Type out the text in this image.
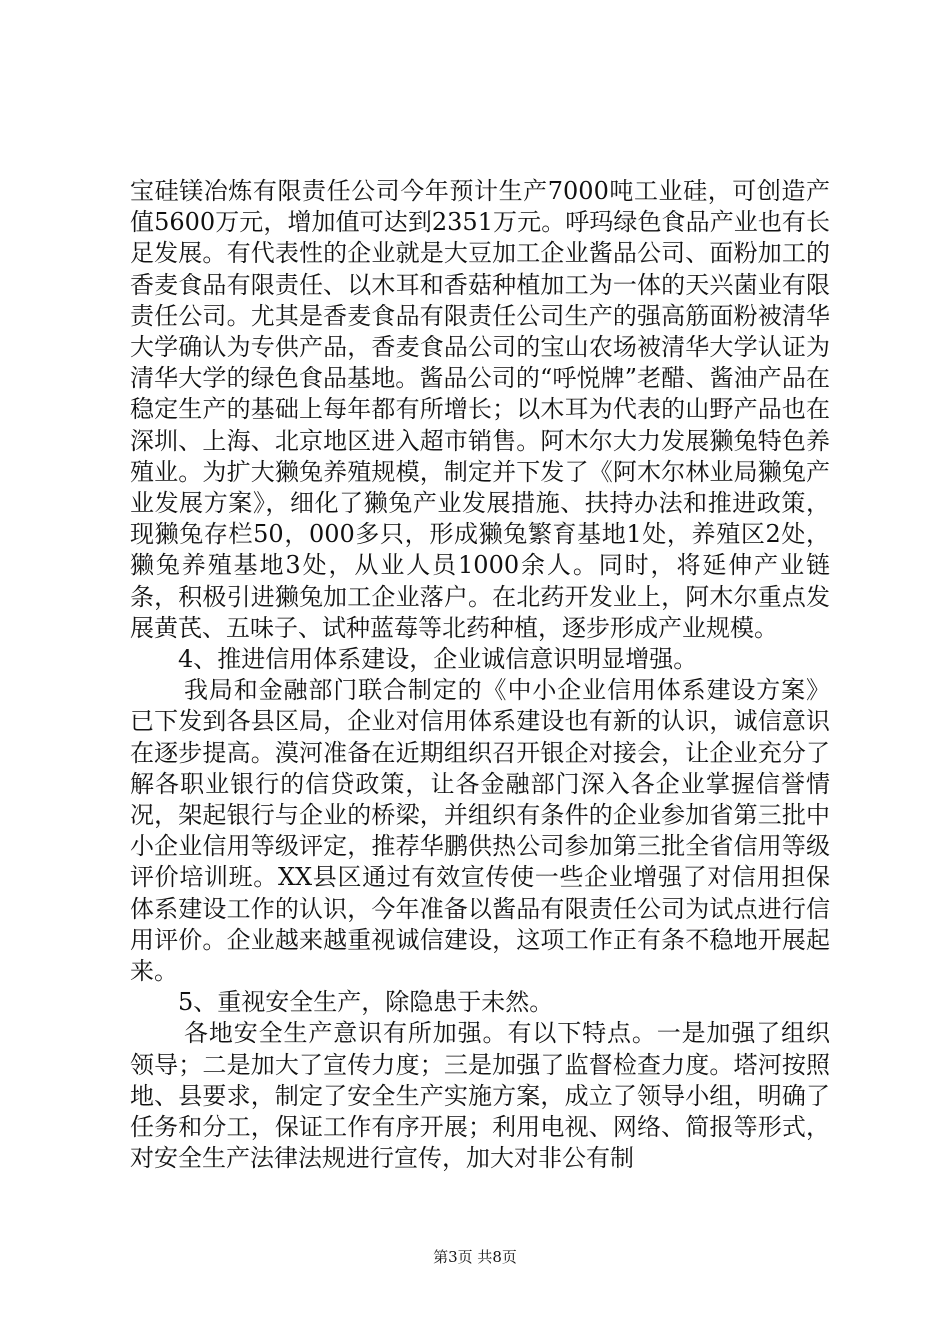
宝硅镁冶炼有限责任公司今年预计生产7000吨工业硅，可创造产值5600万元，增加值可达到2351万元。呼玛绿色食品产业也有长足发展。有代表性的企业就是大豆加工企业酱品公司、面粉加工的香麦食品有限责任、以木耳和香菇种植加工为一体的天兴菌业有限责任公司。尤其是香麦食品有限责任公司生产的强高筋面粉被清华大学确认为专供产品，香麦食品公司的宝山农场被清华大学认证为清华大学的绿色食品基地。酱品公司的“呼悦牌”老醋、酱油产品在稳定生产的基础上每年都有所增长；以木耳为代表的山野产品也在深圳、上海、北京地区进入超市销售。阿木尔大力发展獭兔特色养殖业。为扩大獭兔养殖规模，制定并下发了《阿木尔林业局獭兔产业发展方案》，细化了獭兔产业发展措施、扶持办法和推进政策，现獭兔存栏50，000多只，形成獭兔繁育基地1处，养殖区2处，獭兔养殖基地3处，从业人员1000余人。同时，将延伸产业链条，积极引进獭兔加工企业落户。在北药开发业上，阿木尔重点发展黄芪、五味子、试种蓝莓等北药种植，逐步形成产业规模。

4、推进信用体系建设，企业诚信意识明显增强。

我局和金融部门联合制定的《中小企业信用体系建设方案》已下发到各县区局，企业对信用体系建设也有新的认识，诚信意识在逐步提高。漠河准备在近期组织召开银企对接会，让企业充分了解各职业银行的信贷政策，让各金融部门深入各企业掌握信誉情况，架起银行与企业的桥梁，并组织有条件的企业参加省第三批中小企业信用等级评定，推荐华鹏供热公司参加第三批全省信用等级评价培训班。XX县区通过有效宣传使一些企业增强了对信用担保体系建设工作的认识，今年准备以酱品有限责任公司为试点进行信用评价。企业越来越重视诚信建设，这项工作正有条不稳地开展起来。

5、重视安全生产，除隐患于未然。

各地安全生产意识有所加强。有以下特点。一是加强了组织领导；二是加大了宣传力度；三是加强了监督检查力度。塔河按照地、县要求，制定了安全生产实施方案，成立了领导小组，明确了任务和分工，保证工作有序开展；利用电视、网络、简报等形式，对安全生产法律法规进行宣传，加大对非公有制

第3页 共8页
